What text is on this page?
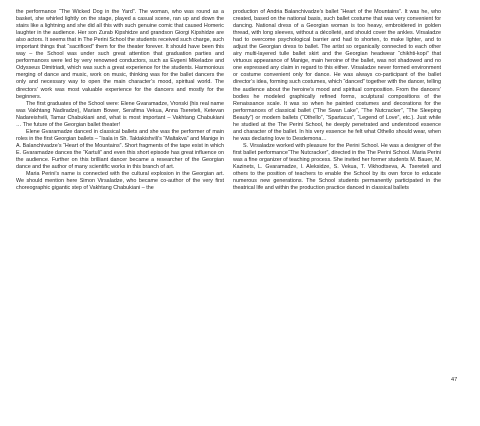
the performance “The Wicked Dog in the Yard”. The woman, who was round as a basket, she whirled lightly on the stage, played a casual scene, ran up and down the stairs like a lightning and she did all this with such genuine comic that caused Homeric laughter in the audience. Her son Zurab Kipshidze and grandson Giorgi Kipshidze are also actors. It seems that in The Perini School the students received such charge, such important things that “sacrificed” them for the theater forever. It should have been this way – the School was under such great attention that graduation parties and performances were led by very renowned conductors, such as Evgeni Mikeladze and Odysseus Dimitriadi, which was such a great experience for the students. Harmonious merging of dance and music, work on music, thinking was for the ballet dancers the only and necessary way to open the main character’s mood, spiritual world. The directors’ work was most valuable experience for the dancers and mostly for the beginners.

The first graduates of the School were: Elene Gvaramadze, Vronski (his real name was Vakhtang Nadiradze), Mariam Bower, Serafima Vekua, Anna Tsereteli, Ketevan Nadareishvili, Tamar Chabukiani and, what is most important – Vakhtang Chabukiani … The future of the Georgian ballet theater!

Elene Gvaramadze danced in classical ballets and she was the performer of main roles in the first Georgian ballets – “Isala in Sh. Taktakishvili’s “Maltakva” and Manige in A. Balanchivadze’s “Heart of the Mountains”. Short fragments of the tape exist in which E. Gvaramadze dances the “Kartuli” and even this short episode has great influence on the audience. Further on this brilliant dancer became a researcher of the Georgian dance and the author of many scientific works in this branch of art.

Maria Perini’s name is connected with the cultural explosion in the Georgian art. We should mention here Simon Virsaladze, who became co-author of the very first choreographic gigantic step of Vakhtang Chabukiani – the

production of Andria Balanchivadze’s ballet “Heart of the Mountains”. It was he, who created, based on the national basis, such ballet costume that was very convenient for dancing. National dress of a Georgian woman is too heavy, embroidered in golden thread, with long sleeves, without a décolleté, and should cover the ankles. Virsaladze had to overcome psychological barrier and had to shorten, to make lighter, and to adjust the Georgian dress to ballet. The artist so organically connected to each other airy multi-layered tulle ballet skirt and the Georgian headwear “chikhti-kopi” that virtuous appearance of Manige, main heroine of the ballet, was not shadowed and no one expressed any claim in regard to this either. Virsaladze never formed environment or costume convenient only for dance. He was always co-participant of the ballet director’s idea, forming such costumes, which “danced” together with the dancer, telling the audience about the heroine’s mood and spiritual composition. From the dancers’ bodies he modeled graphically refined forms, sculptural compositions of the Renaissance scale. It was so when he painted costumes and decorations for the performances of classical ballet (“The Swan Lake”, “The Nutcracker”, “The Sleeping Beauty”) or modern ballets (“Othello”, “Spartacus”, “Legend of Love”, etc.). Just while he studied at the The Perini School, he deeply penetrated and understood essence and character of the ballet. In his very essence he felt what Othello should wear, when he was declaring love to Desdemona…

S. Virsaladze worked with pleasure for the Perini School. He was a designer of the first ballet performance“The Nutcracker”, directed in the The Perini School. Maria Perini was a fine organizer of teaching process. She invited her former students M. Bauer, M. Kazinets, L. Gvaramadze, I. Aleksidze, S. Vekua, T. Vikhodtseva, A. Tsereteli and others to the position of teachers to enable the School by its own force to educate numerous new generations. The School students permanently participated in the theatrical life and within the production practice danced in classical ballets

47
